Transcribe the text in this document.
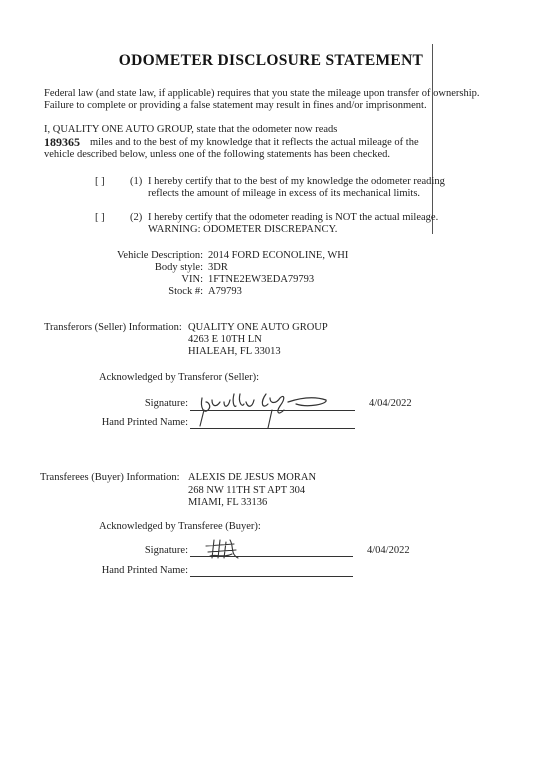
ODOMETER DISCLOSURE STATEMENT
Federal law (and state law, if applicable) requires that you state the mileage upon transfer of ownership.
Failure to complete or providing a false statement may result in fines and/or imprisonment.
I, QUALITY ONE AUTO GROUP, state that the odometer now reads
189365 miles and to the best of my knowledge that it reflects the actual mileage of the
vehicle described below, unless one of the following statements has been checked.
[ ] (1) I hereby certify that to the best of my knowledge the odometer reading
reflects the amount of mileage in excess of its mechanical limits.
[ ] (2) I hereby certify that the odometer reading is NOT the actual mileage.
WARNING: ODOMETER DISCREPANCY.
Vehicle Description: 2014 FORD ECONOLINE, WHI
Body style: 3DR
VIN: 1FTNE2EW3EDA79793
Stock #: A79793
Transferors (Seller) Information: QUALITY ONE AUTO GROUP
4263 E 10TH LN
HIALEAH, FL 33013
Acknowledged by Transferor (Seller):
Signature:	4/04/2022
Hand Printed Name:
Transferees (Buyer) Information: ALEXIS DE JESUS MORAN
268 NW 11TH ST APT 304
MIAMI, FL 33136
Acknowledged by Transferee (Buyer):
Signature:	4/04/2022
Hand Printed Name:
